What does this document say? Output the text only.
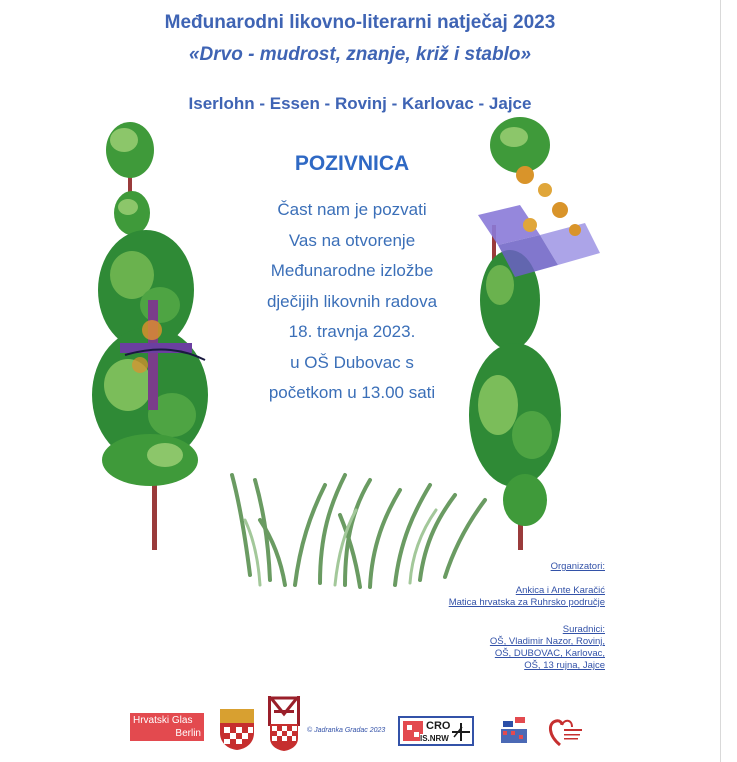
Međunarodni likovno-literarni natječaj 2023
«Drvo - mudrost, znanje, križ i stablo»
Iserlohn - Essen - Rovinj - Karlovac - Jajce
POZIVNICA
Čast nam je pozvati
Vas na otvorenje
Međunarodne izložbe
dječijih likovnih radova
18. travnja 2023.
u OŠ Dubovac s
početkom u 13.00 sati
Organizatori:
Ankica i Ante Karačić
Matica hrvatska za Ruhrsko područje
Suradnici:
OŠ, Vladimir Nazor, Rovinj,
OŠ, DUBOVAC, Karlovac,
OŠ, 13 rujna, Jajce
Hrvatski Glas
Berlin	© Jadranka Gradac 2023	CRO
IS.NRW
